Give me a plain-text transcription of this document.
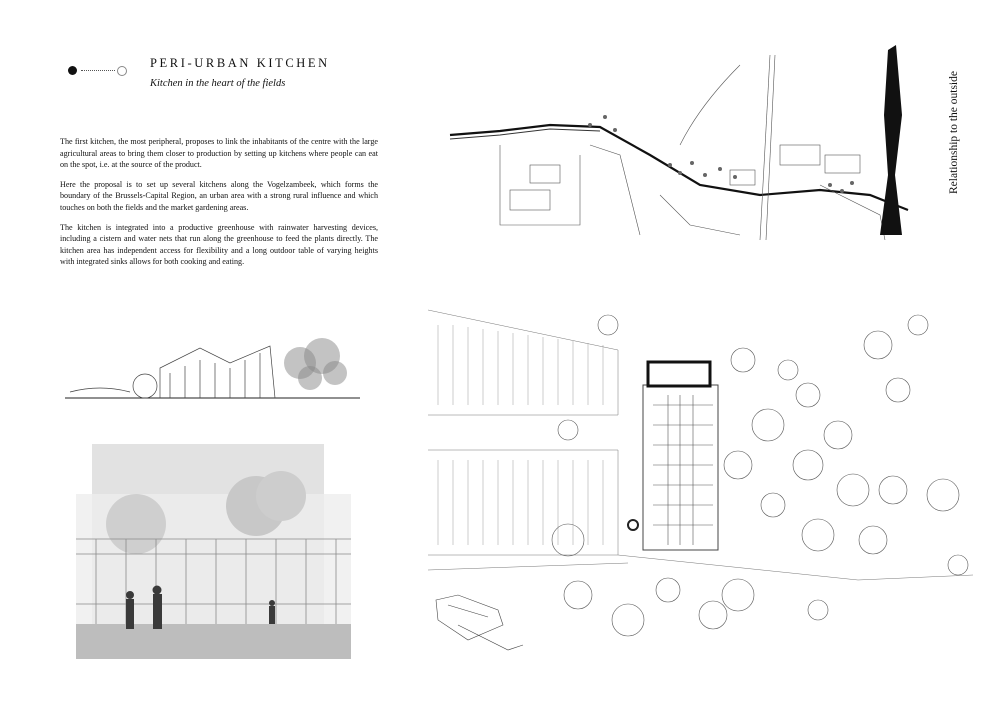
PERI-URBAN KITCHEN
Kitchen in the heart of the fields

The first kitchen, the most peripheral, proposes to link the inhabitants of the centre with the large agricultural areas to bring them closer to production by setting up kitchens where people can eat on the spot, i.e. at the source of the product.

Here the proposal is to set up several kitchens along the Vogelzambeek, which forms the boundary of the Brussels-Capital Region, an urban area with a strong rural influence and which touches on both the fields and the market gardening areas.

The kitchen is integrated into a productive greenhouse with rainwater harvesting devices, including a cistern and water nets that run along the greenhouse to feed the plants directly. The kitchen area has independent access for flexibility and a long outdoor table of varying heights with integrated sinks allows for both cooking and eating.

Relationship to the outside
